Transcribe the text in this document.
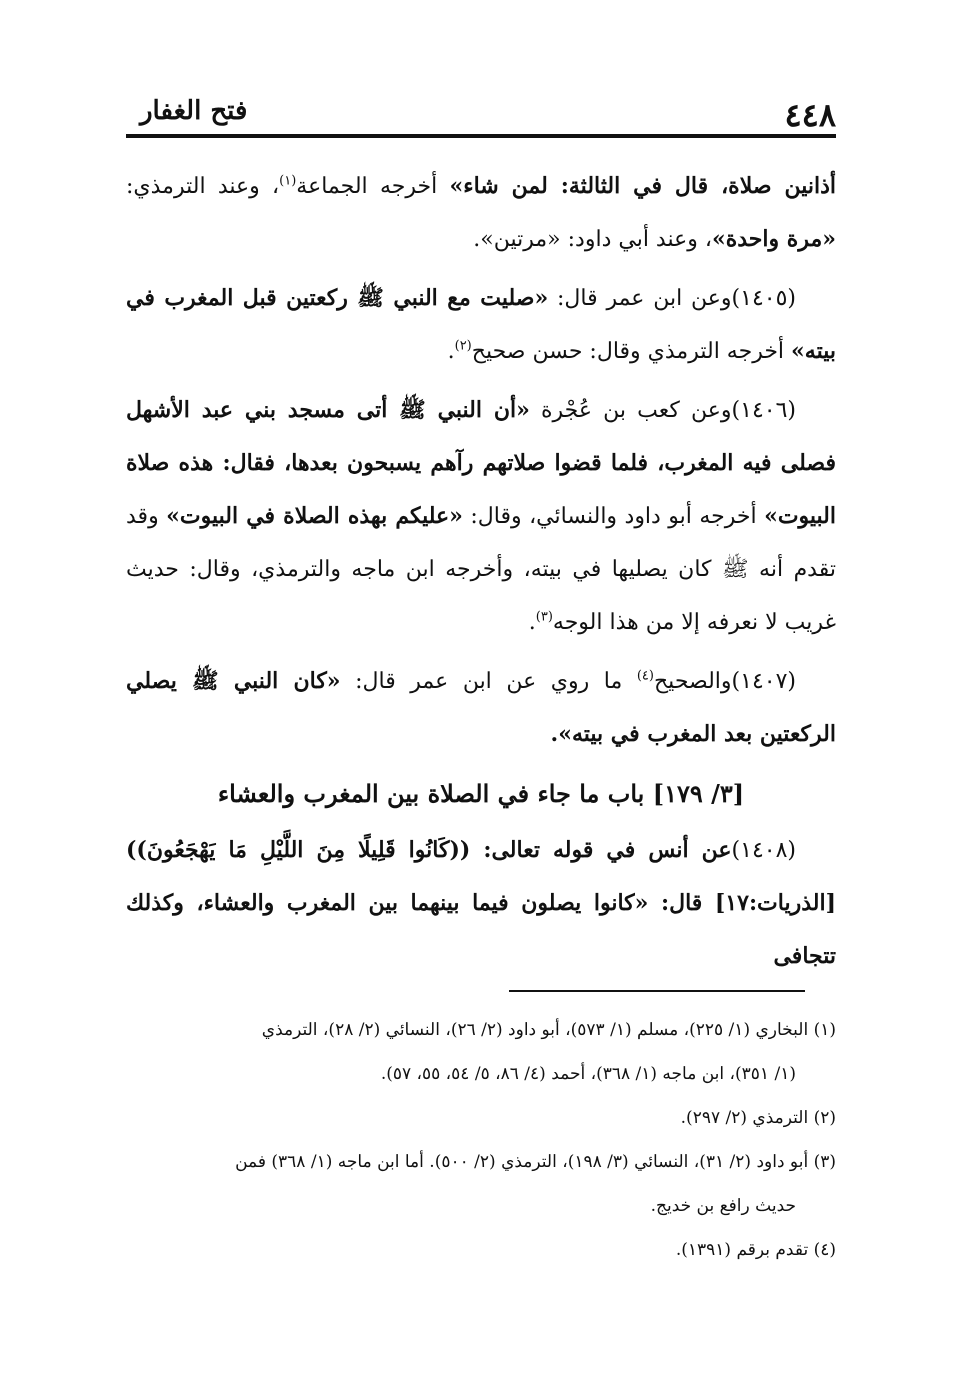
٤٤٨
فتح الغفار

أذانين صلاة، قال في الثالثة: لمن شاء» أخرجه الجماعة$^{(١)}$، وعند الترمذي: «مرة واحدة»، وعند أبي داود: «مرتين».

(١٤٠٥)وعن ابن عمر قال: «صليت مع النبي ﷺ ركعتين قبل المغرب في بيته» أخرجه الترمذي وقال: حسن صحيح$^{(٢)}$.

(١٤٠٦)وعن كعب بن عُجْرة «أن النبي ﷺ أتى مسجد بني عبد الأشهل فصلى فيه المغرب، فلما قضوا صلاتهم رآهم يسبحون بعدها، فقال: هذه صلاة البيوت» أخرجه أبو داود والنسائي، وقال: «عليكم بهذه الصلاة في البيوت» وقد تقدم أنه ﷺ كان يصليها في بيته، وأخرجه ابن ماجه والترمذي، وقال: حديث غريب لا نعرفه إلا من هذا الوجه$^{(٣)}$.

(١٤٠٧)والصحيح$^{(٤)}$ ما روي عن ابن عمر قال: «كان النبي ﷺ يصلي الركعتين بعد المغرب في بيته».

[٣/ ١٧٩] باب ما جاء في الصلاة بين المغرب والعشاء

(١٤٠٨)عن أنس في قوله تعالى: ((كَانُوا قَلِيلًا مِنَ اللَّيْلِ مَا يَهْجَعُونَ)) [الذريات:١٧] قال: «كانوا يصلون فيما بينهما بين المغرب والعشاء، وكذلك تتجافى

(١) البخاري (١/ ٢٢٥)، مسلم (١/ ٥٧٣)، أبو داود (٢/ ٢٦)، النسائي (٢/ ٢٨)، الترمذي
(١/ ٣٥١)، ابن ماجه (١/ ٣٦٨)، أحمد (٤/ ٨٦، ٥/ ٥٤، ٥٥، ٥٧).
(٢) الترمذي (٢/ ٢٩٧).
(٣) أبو داود (٢/ ٣١)، النسائي (٣/ ١٩٨)، الترمذي (٢/ ٥٠٠). أما ابن ماجه (١/ ٣٦٨) فمن
حديث رافع بن خديج.
(٤) تقدم برقم (١٣٩١).
